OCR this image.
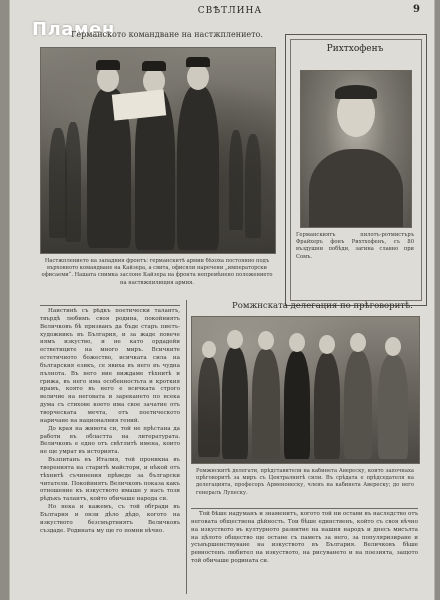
Пламен
СВѢТЛИНА	9
Германското командване на настжплението.
Настжплението на западния фронтъ: германскитѣ армии бѣхоха постоянно подъ върховното командване на Кайзера, а свита, офисяли наречени „императорски офисаеми“. Нашата снимка заслоне Кайзера на фронта непремѣнено положението на наствжпилищия армия.
Рихтхофенъ
Германскиятъ пилотъ-ротмистъръ Фрайхеръ фонъ Рихтхофенъ, съ 80 въздушни побѣди, загина славно при Сомъ.

Наистинѣ съ рѣдкъ поетически талантъ, твърдѣ любимъ своя родина, покойниятъ Величковъ бѣ призванъ да бъде старъ пиетъ-художникъ въ България, и за жаде повече нямъ изкуство, и не като ордадейи естветиците на много миръ. Всичките естетичното божество, исичката сила на българския езикъ, се явиха въ него въ чудна пълнота. Въ него ние виждаме тѣхнитѣ и грижа, въ него има особенностьта и кроткия ирамъ, която въ него е всичката строго величие на неговата и зарекането по всека дума съ стихове което има свое зачатие отъ творческата мечта, отъ поетическото наричане на националния гений.

До края на живота си, той не прѣстана да работи въ областта на литературата. Величковъ е едно отъ свѣтлитѣ имена, които не ще умрат въ историята.

Възпитанъ въ Италия, той проникна въ творенията на старитѣ майстори, и нѣкой отъ тѣхнитѣ съчинения прѣведе за български читатели. Покойниятъ Величковъ показа какъ отношение къ изкуството имаше у насъ този рѣдъкъ талантъ, който обичаше народа си.

Но нека и кажемъ, съ той обгради въ България и онзи дѣло дѣдо, когото на изкуството безсмъртниятъ Величковъ създаде. Родината му ще го помни вѣчно.

Ромжнската делегация по прѣговоритѣ.
Ромжнскитѣ делегати, прѣдставители на кабинета Авереску, които започнаха прѣговоритѣ за миръ съ Централнитѣ сили. Въ срѣдата е прѣдседателя на делегацията, професоръ Арменонеску, членъ на кабинета Авереску; до него генералъ Лупеску.

Той бѣше надуманъ и знаменитъ, когото той ни остави въ наследство отъ неговата обществена дѣйность. Тои бѣше единственъ, който съ своя вѣчно на изкуството въ културното развитие на нашия народъ и днесъ мисълта на цѣлото общество ще остане съ паметь за него, за популяризиране и усъвършенствуване на изкуството въ България. Величковъ бѣше ревностенъ любител на изкуството, на рисуването и на поезията, защото той обичаше родината си.
